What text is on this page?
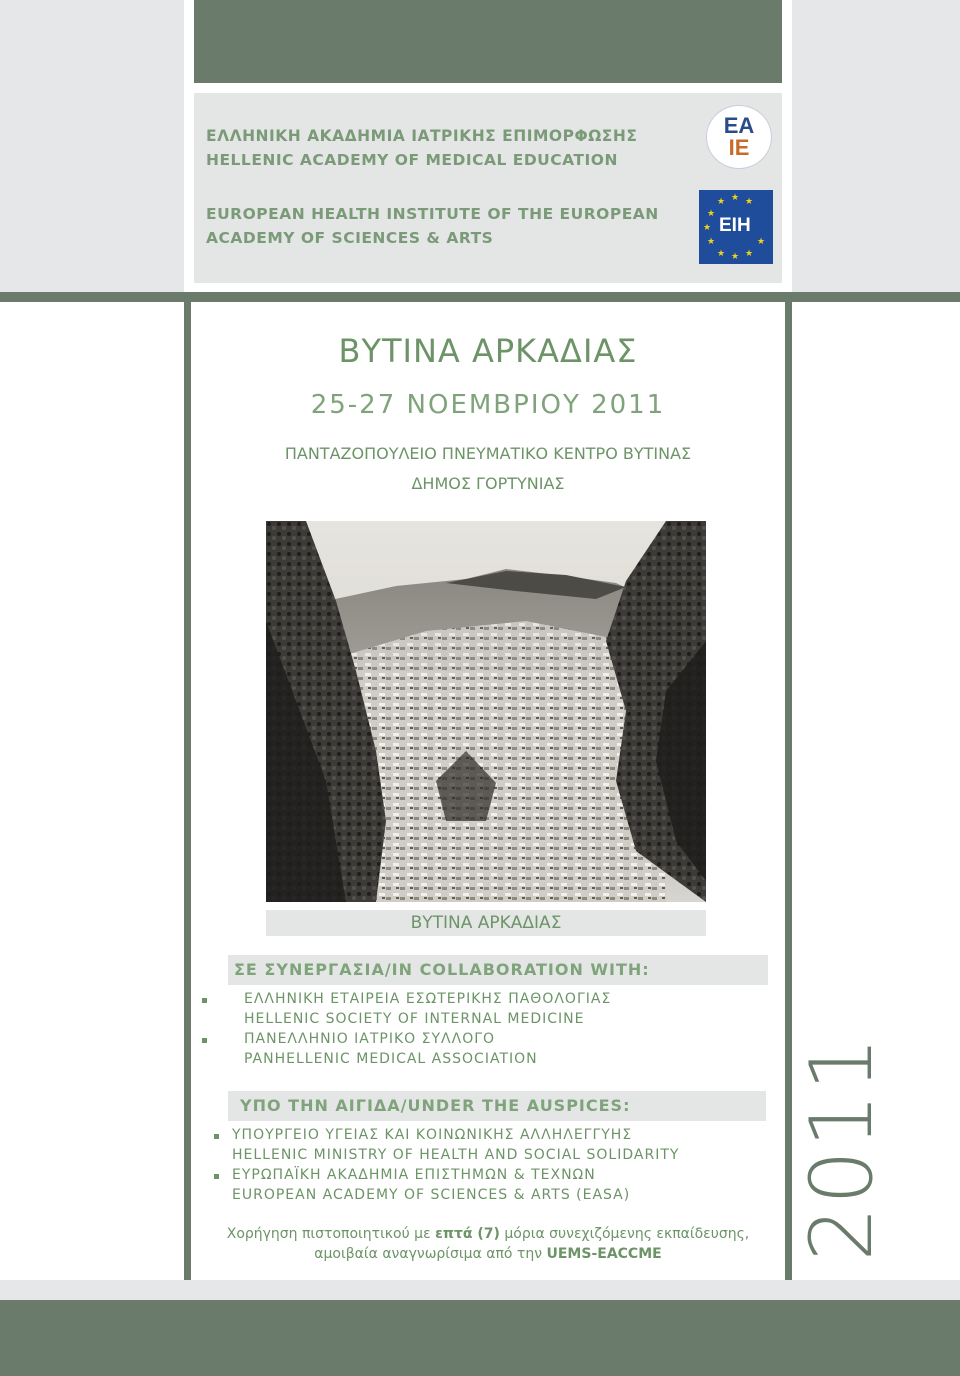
ΕΛΛΗΝΙΚΗ ΑΚΑΔΗΜΙΑ ΙΑΤΡΙΚΗΣ ΕΠΙΜΟΡΦΩΣΗΣ
HELLENIC ACADEMY OF MEDICAL EDUCATION
EUROPEAN HEALTH INSTITUTE OF THE EUROPEAN
ACADEMY OF SCIENCES & ARTS
ΕΑ
ΙΕ
★ ★
★
★
★
★
★ ★ ★
★
EIH
2011
ΒΥΤΙΝΑ ΑΡΚΑΔΙΑΣ
25-27 ΝΟΕΜΒΡΙΟΥ 2011
ΠΑΝΤΑΖΟΠΟΥΛΕΙΟ ΠΝΕΥΜΑΤΙΚΟ ΚΕΝΤΡΟ ΒΥΤΙΝΑΣ
ΔΗΜΟΣ ΓΟΡΤΥΝΙΑΣ
ΒΥΤΙΝΑ ΑΡΚΑΔΙΑΣ
ΣΕ ΣΥΝΕΡΓΑΣΙΑ/IN COLLABORATION WITH:
ΕΛΛΗΝΙΚΗ ΕΤΑΙΡΕΙΑ ΕΣΩΤΕΡΙΚΗΣ ΠΑΘΟΛΟΓΙΑΣ
HELLENIC SOCIETY OF INTERNAL MEDICINE
ΠΑΝΕΛΛΗΝΙΟ ΙΑΤΡΙΚΟ ΣΥΛΛΟΓΟ
PANHELLENIC MEDICAL ASSOCIATION
ΥΠΟ ΤΗΝ ΑΙΓΙΔΑ/UNDER THE AUSPICES:
ΥΠΟΥΡΓΕΙΟ ΥΓΕΙΑΣ ΚΑΙ ΚΟΙΝΩΝΙΚΗΣ ΑΛΛΗΛΕΓΓΥΗΣ
HELLENIC MINISTRY OF HEALTH AND SOCIAL SOLIDARITY
ΕΥΡΩΠΑΪΚΗ ΑΚΑΔΗΜΙΑ ΕΠΙΣΤΗΜΩΝ & ΤΕΧΝΩΝ
EUROPEAN ACADEMY OF SCIENCES & ARTS (EASA)
Χορήγηση πιστοποιητικού με επτά (7) μόρια συνεχιζόμενης εκπαίδευσης,
αμοιβαία αναγνωρίσιμα από την UEMS-EACCME
